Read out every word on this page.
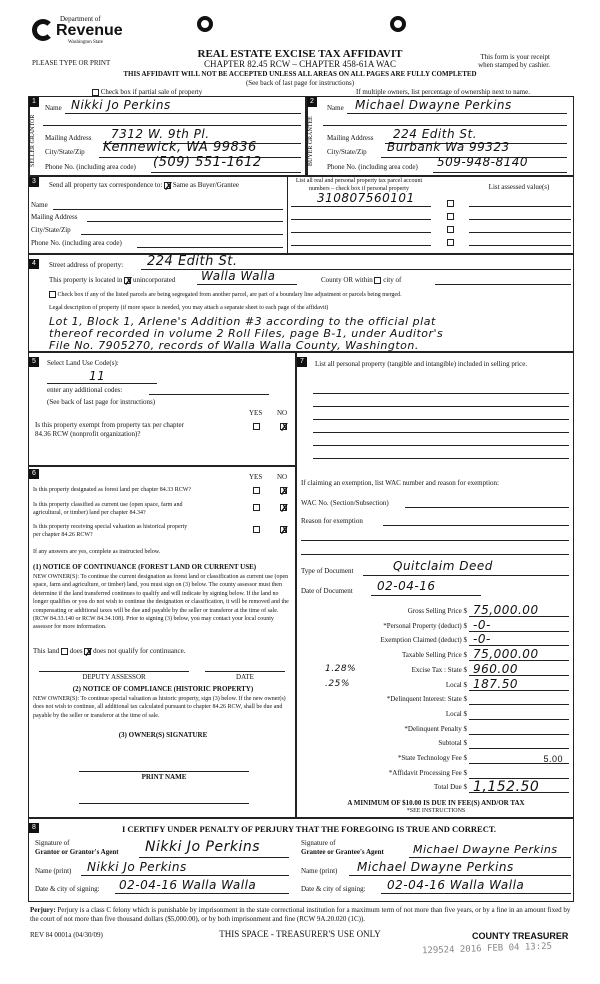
Department of
Revenue
Washington State
PLEASE TYPE OR PRINT
REAL ESTATE EXCISE TAX AFFIDAVIT
CHAPTER 82.45 RCW – CHAPTER 458-61A WAC
THIS AFFIDAVIT WILL NOT BE ACCEPTED UNLESS ALL AREAS ON ALL PAGES ARE FULLY COMPLETED
(See back of last page for instructions)
This form is your receipt
when stamped by cashier.
Check box if partial sale of property	If multiple owners, list percentage of ownership next to name.
1
SELLER GRANTOR
Name Nikki Jo Perkins
Mailing Address 7312 W. 9th Pl.
City/State/Zip Kennewick, WA 99836
Phone No. (including area code) (509) 551-1612
2
BUYER GRANTEE
Name Michael Dwayne Perkins
Mailing Address 224 Edith St.
City/State/Zip Burbank Wa 99323
Phone No. (including area code) 509-948-8140
3	Send all property tax correspondence to: ✗ Same as Buyer/Grantee	List all real and personal property tax parcel account numbers – check box if personal property	List assessed value(s)
Name
Mailing Address
City/State/Zip
Phone No. (including area code)
310807560101
4	Street address of property: 224 Edith St.
This property is located in ✗ unincorporated Walla Walla	County OR within city of
Check box if any of the listed parcels are being segregated from another parcel, are part of a boundary line adjustment or parcels being merged.
Legal description of property (if more space is needed, you may attach a separate sheet to each page of the affidavit)
Lot 1, Block 1, Arlene's Addition #3 according to the official plat
thereof recorded in volume 2 Roll Files, page B-1, under Auditor's
File No. 7905270, records of Walla Walla County, Washington.
5	Select Land Use Code(s):
11
enter any additional codes:
(See back of last page for instructions)
YES NO
Is this property exempt from property tax per chapter
84.36 RCW (nonprofit organization)?	✗
6	YES NO
Is this property designated as forest land per chapter 84.33 RCW?	✗
Is this property classified as current use (open space, farm and
agricultural, or timber) land per chapter 84.34?	✗
Is this property receiving special valuation as historical property
per chapter 84.26 RCW?	✗
If any answers are yes, complete as instructed below.
(1) NOTICE OF CONTINUANCE (FOREST LAND OR CURRENT USE)
NEW OWNER(S): To continue the current designation as forest land or classification as current use (open space, farm and agriculture, or timber) land, you must sign on (3) below. The county assessor must then determine if the land transferred continues to qualify and will indicate by signing below. If the land no longer qualifies or you do not wish to continue the designation or classification, it will be removed and the compensating or additional taxes will be due and payable by the seller or transferor at the time of sale. (RCW 84.33.140 or RCW 84.34.108). Prior to signing (3) below, you may contact your local county assessor for more information.
This land does ✗ does not qualify for continuance.
DEPUTY ASSESSOR	DATE
(2) NOTICE OF COMPLIANCE (HISTORIC PROPERTY)
NEW OWNER(S): To continue special valuation as historic property, sign (3) below. If the new owner(s) does not wish to continue, all additional tax calculated pursuant to chapter 84.26 RCW, shall be due and payable by the seller or transferor at the time of sale.
(3) OWNER(S) SIGNATURE
PRINT NAME
7	List all personal property (tangible and intangible) included in selling price.
If claiming an exemption, list WAC number and reason for exemption:
WAC No. (Section/Subsection)
Reason for exemption
Type of Document	Quitclaim Deed
Date of Document 02-04-16
Gross Selling Price $ 75,000.00
*Personal Property (deduct) $ -0-
Exemption Claimed (deduct) $ -0-
Taxable Selling Price $ 75,000.00
Excise Tax : State $
1.28%	960.00
Local $
.25%	187.50
*Delinquent Interest: State $
Local $
*Delinquent Penalty $
Subtotal $
*State Technology Fee $	5.00
*Affidavit Processing Fee $
Total Due $ 1,152.50
A MINIMUM OF $10.00 IS DUE IN FEE(S) AND/OR TAX
*SEE INSTRUCTIONS
8	I CERTIFY UNDER PENALTY OF PERJURY THAT THE FOREGOING IS TRUE AND CORRECT.
Signature of
Grantor or Grantor's Agent Nikki Jo Perkins
Name (print) Nikki Jo Perkins
Date & city of signing: 02-04-16 Walla Walla
Signature of
Grantee or Grantee's Agent	Michael Dwayne Perkins
Name (print) Michael Dwayne Perkins
Date & city of signing: 02-04-16 Walla Walla
Perjury: Perjury is a class C felony which is punishable by imprisonment in the state correctional institution for a maximum term of not more than five years, or by a fine in an amount fixed by the court of not more than five thousand dollars ($5,000.00), or by both imprisonment and fine (RCW 9A.20.020 (1C)).
REV 84 0001a (04/30/09)	THIS SPACE - TREASURER'S USE ONLY	COUNTY TREASURER
129524 2016 FEB 04 13:25
